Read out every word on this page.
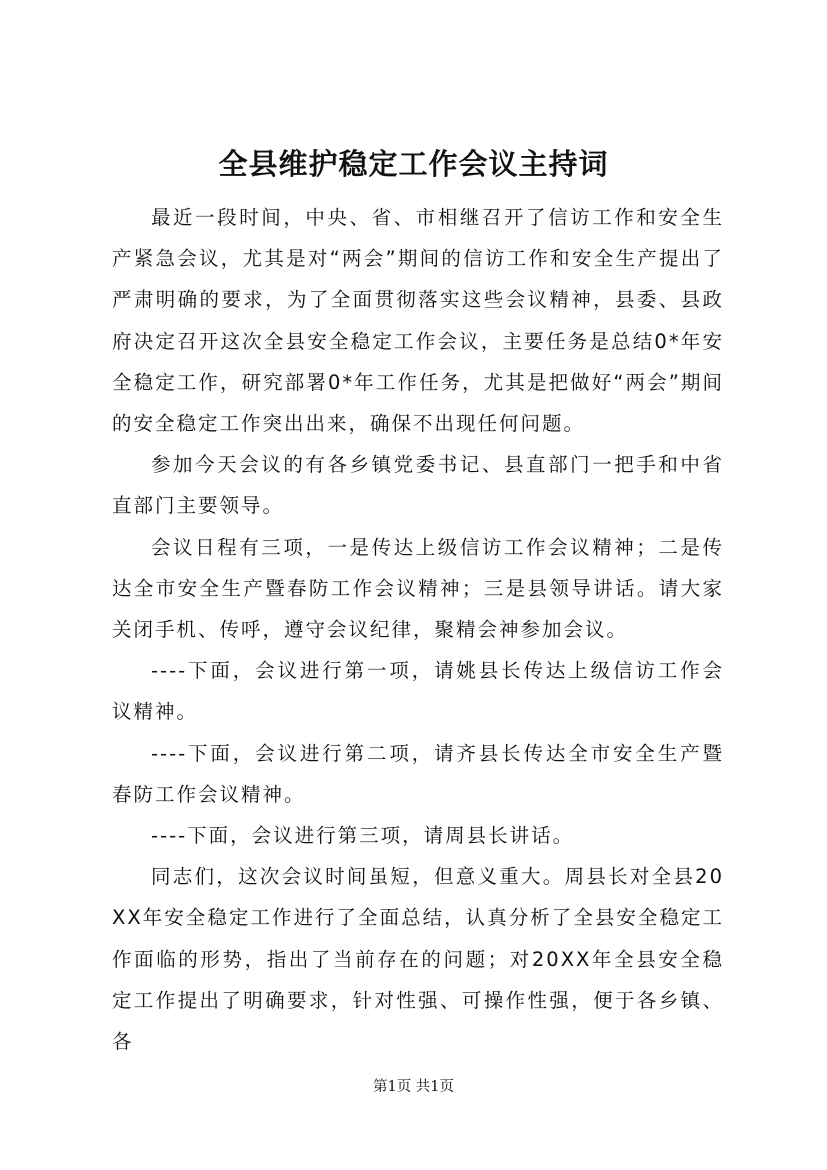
全县维护稳定工作会议主持词

最近一段时间，中央、省、市相继召开了信访工作和安全生产紧急会议，尤其是对“两会”期间的信访工作和安全生产提出了严肃明确的要求，为了全面贯彻落实这些会议精神，县委、县政府决定召开这次全县安全稳定工作会议，主要任务是总结0*年安全稳定工作，研究部署0*年工作任务，尤其是把做好“两会”期间的安全稳定工作突出出来，确保不出现任何问题。

参加今天会议的有各乡镇党委书记、县直部门一把手和中省直部门主要领导。

会议日程有三项，一是传达上级信访工作会议精神；二是传达全市安全生产暨春防工作会议精神；三是县领导讲话。请大家关闭手机、传呼，遵守会议纪律，聚精会神参加会议。

----下面，会议进行第一项，请姚县长传达上级信访工作会议精神。

----下面，会议进行第二项，请齐县长传达全市安全生产暨春防工作会议精神。

----下面，会议进行第三项，请周县长讲话。

同志们，这次会议时间虽短，但意义重大。周县长对全县20XX年安全稳定工作进行了全面总结，认真分析了全县安全稳定工作面临的形势，指出了当前存在的问题；对20XX年全县安全稳定工作提出了明确要求，针对性强、可操作性强，便于各乡镇、各

第1页 共1页
